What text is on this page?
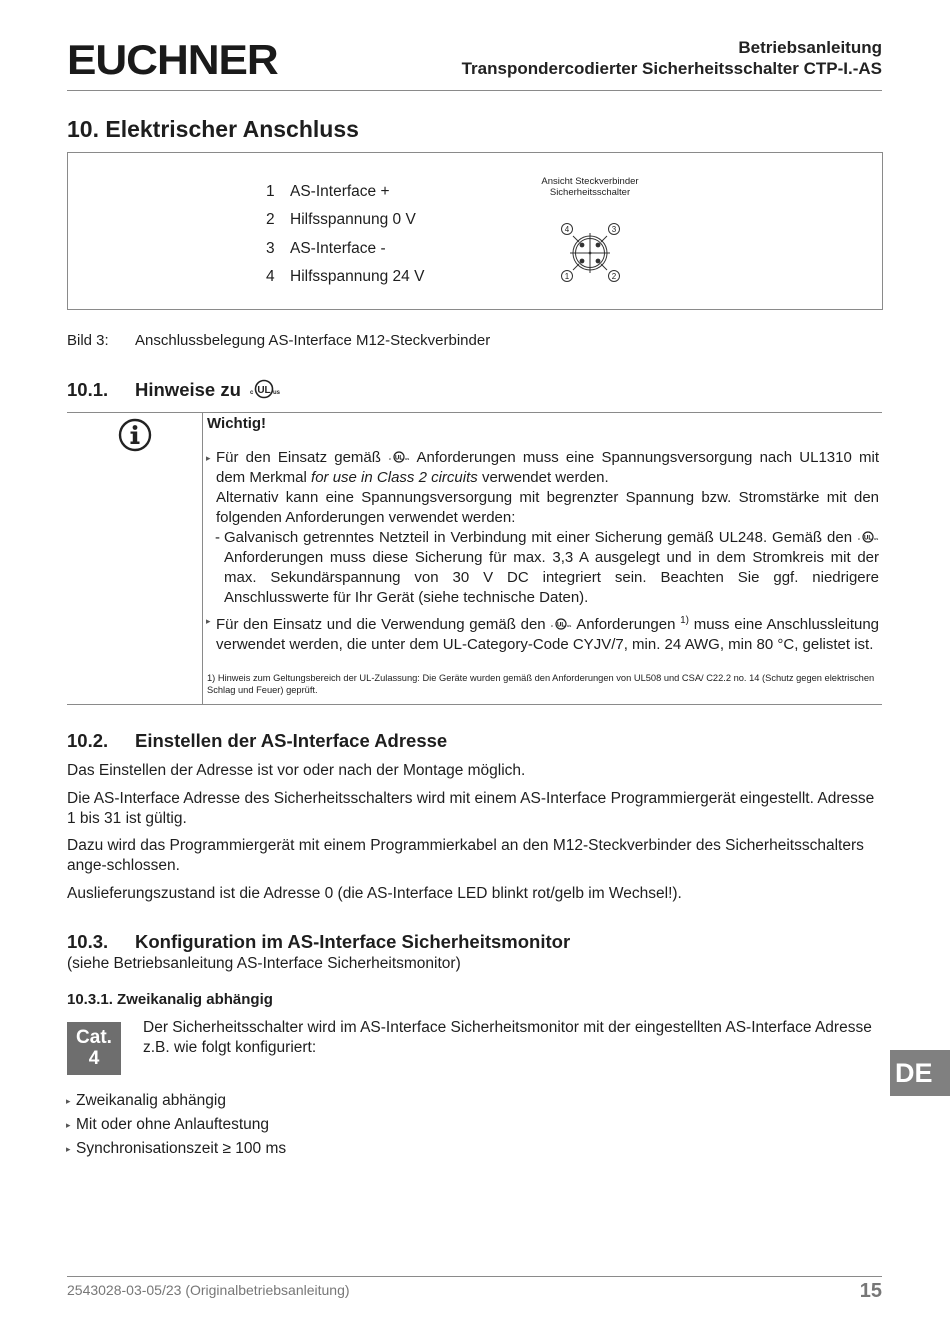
EUCHNER	Betriebsanleitung
Transpondercodierter Sicherheitsschalter CTP-I.-AS
10. Elektrischer Anschluss
1 AS-Interface +
2 Hilfsspannung 0 V
3 AS-Interface -
4 Hilfsspannung 24 V
Ansicht Steckverbinder
Sicherheitsschalter
4	3
1	2
Bild 3: Anschlussbelegung AS-Interface M12-Steckverbinder
10.1. Hinweise zu UL
c	us

Wichtig!

▸ Für den Einsatz gemäß UL
c	us Anforderungen muss eine Spannungsversorgung nach UL1310 mit dem Merkmal for use in Class 2 circuits verwendet werden.

Alternativ kann eine Spannungsversorgung mit begrenzter Spannung bzw. Stromstärke mit den folgenden Anforderungen verwendet werden:

- Galvanisch getrenntes Netzteil in Verbindung mit einer Sicherung gemäß UL248. Gemäß den UL
c	us
Anforderungen muss diese Sicherung für max. 3,3 A ausgelegt und in dem Stromkreis mit der max. Sekundärspannung von 30 V DC integriert sein. Beachten Sie ggf. niedrigere Anschlusswerte für Ihr Gerät (siehe technische Daten).

▸ Für den Einsatz und die Verwendung gemäß den UL
c	us Anforderungen $^{1)}$ muss eine Anschlussleitung verwendet werden, die unter dem UL-Category-Code CYJV/7, min. 24 AWG, min 80 °C, gelistet ist.

1) Hinweis zum Geltungsbereich der UL-Zulassung: Die Geräte wurden gemäß den Anforderungen von UL508 und CSA/ C22.2 no. 14 (Schutz gegen elektrischen Schlag und Feuer) geprüft.
10.2. Einstellen der AS-Interface Adresse

Das Einstellen der Adresse ist vor oder nach der Montage möglich.

Die AS-Interface Adresse des Sicherheitsschalters wird mit einem AS-Interface Programmiergerät eingestellt. Adresse 1 bis 31 ist gültig.

Dazu wird das Programmiergerät mit einem Programmierkabel an den M12-Steckverbinder des Sicherheitsschalters ange-schlossen.

Auslieferungszustand ist die Adresse 0 (die AS-Interface LED blinkt rot/gelb im Wechsel!).

10.3. Konfiguration im AS-Interface Sicherheitsmonitor

(siehe Betriebsanleitung AS-Interface Sicherheitsmonitor)

10.3.1. Zweikanalig abhängig

Cat.
4

Der Sicherheitsschalter wird im AS-Interface Sicherheitsmonitor mit der eingestellten AS-Interface Adresse z.B. wie folgt konfiguriert:

▸ Zweikanalig abhängig
▸ Mit oder ohne Anlauftestung
▸ Synchronisationszeit ≥ 100 ms
DE
2543028-03-05/23 (Originalbetriebsanleitung)	15
